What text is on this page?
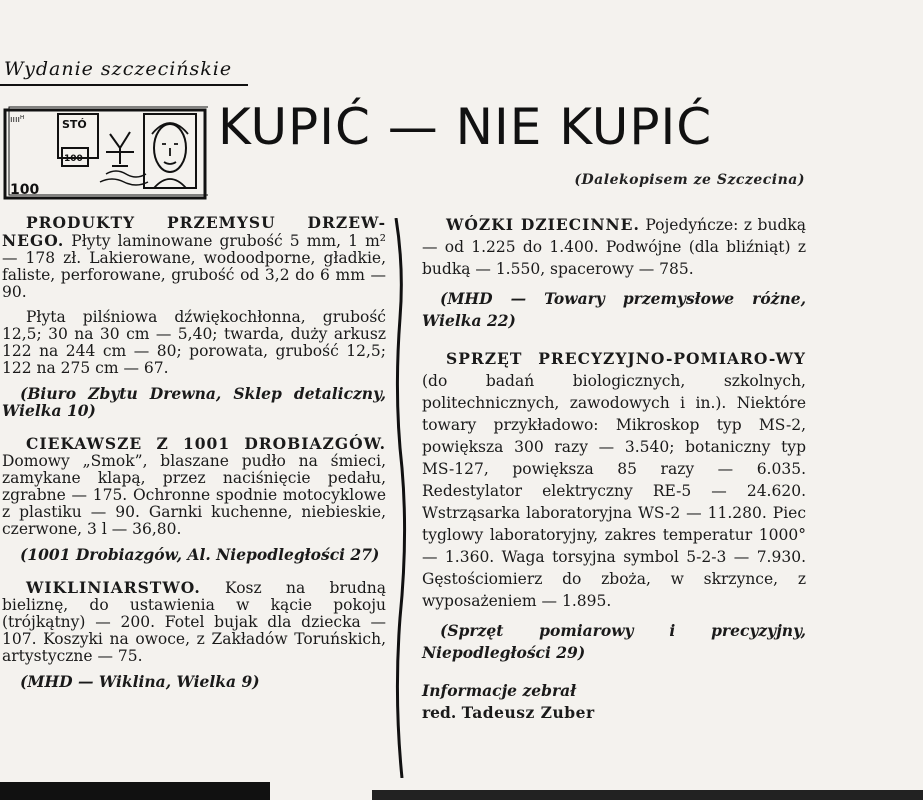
Wydanie szczecińskie
ııııᵸ	STÓ
100
100
KUPIĆ — NIE KUPIĆ
(Dalekopisem ze Szczecina)

PRODUKTY PRZEMYSU DRZEW-NEGO. Płyty laminowane grubość 5 mm, 1 m² — 178 zł. Lakierowane, wodoodporne, gładkie, faliste, perforowane, grubość od 3,2 do 6 mm — 90.

Płyta pilśniowa dźwiękochłonna, grubość 12,5; 30 na 30 cm — 5,40; twarda, duży arkusz 122 na 244 cm — 80; porowata, grubość 12,5; 122 na 275 cm — 67.

(Biuro Zbytu Drewna, Sklep detaliczny, Wielka 10)

CIEKAWSZE Z 1001 DROBIAZGÓW. Domowy „Smok”, blaszane pudło na śmieci, zamykane klapą, przez naciśnięcie pedału, zgrabne — 175. Ochronne spodnie motocyklowe z plastiku — 90. Garnki kuchenne, niebieskie, czerwone, 3 l — 36,80.

(1001 Drobiazgów, Al. Niepodległości 27)

WIKLINIARSTWO. Kosz na brudną bieliznę, do ustawienia w kącie pokoju (trójkątny) — 200. Fotel bujak dla dziecka — 107. Koszyki na owoce, z Zakładów Toruńskich, artystyczne — 75.

(MHD — Wiklina, Wielka 9)

WÓZKI DZIECINNE. Pojedyńcze: z budką — od 1.225 do 1.400. Podwójne (dla bliźniąt) z budką — 1.550, spacerowy — 785.

(MHD — Towary przemysłowe różne, Wielka 22)

SPRZĘT PRECYZYJNO-POMIARO-WY (do badań biologicznych, szkolnych, politechnicznych, zawodowych i in.). Niektóre towary przykładowo: Mikroskop typ MS-2, powiększa 300 razy — 3.540; botaniczny typ MS-127, powiększa 85 razy — 6.035. Redestylator elektryczny RE-5 — 24.620. Wstrząsarka laboratoryjna WS-2 — 11.280. Piec tyglowy laboratoryjny, zakres temperatur 1000° — 1.360. Waga torsyjna symbol 5-2-3 — 7.930. Gęstościomierz do zboża, w skrzynce, z wyposażeniem — 1.895.

(Sprzęt pomiarowy i precyzyjny, Niepodległości 29)

Informacje zebrał

red. Tadeusz Zuber
